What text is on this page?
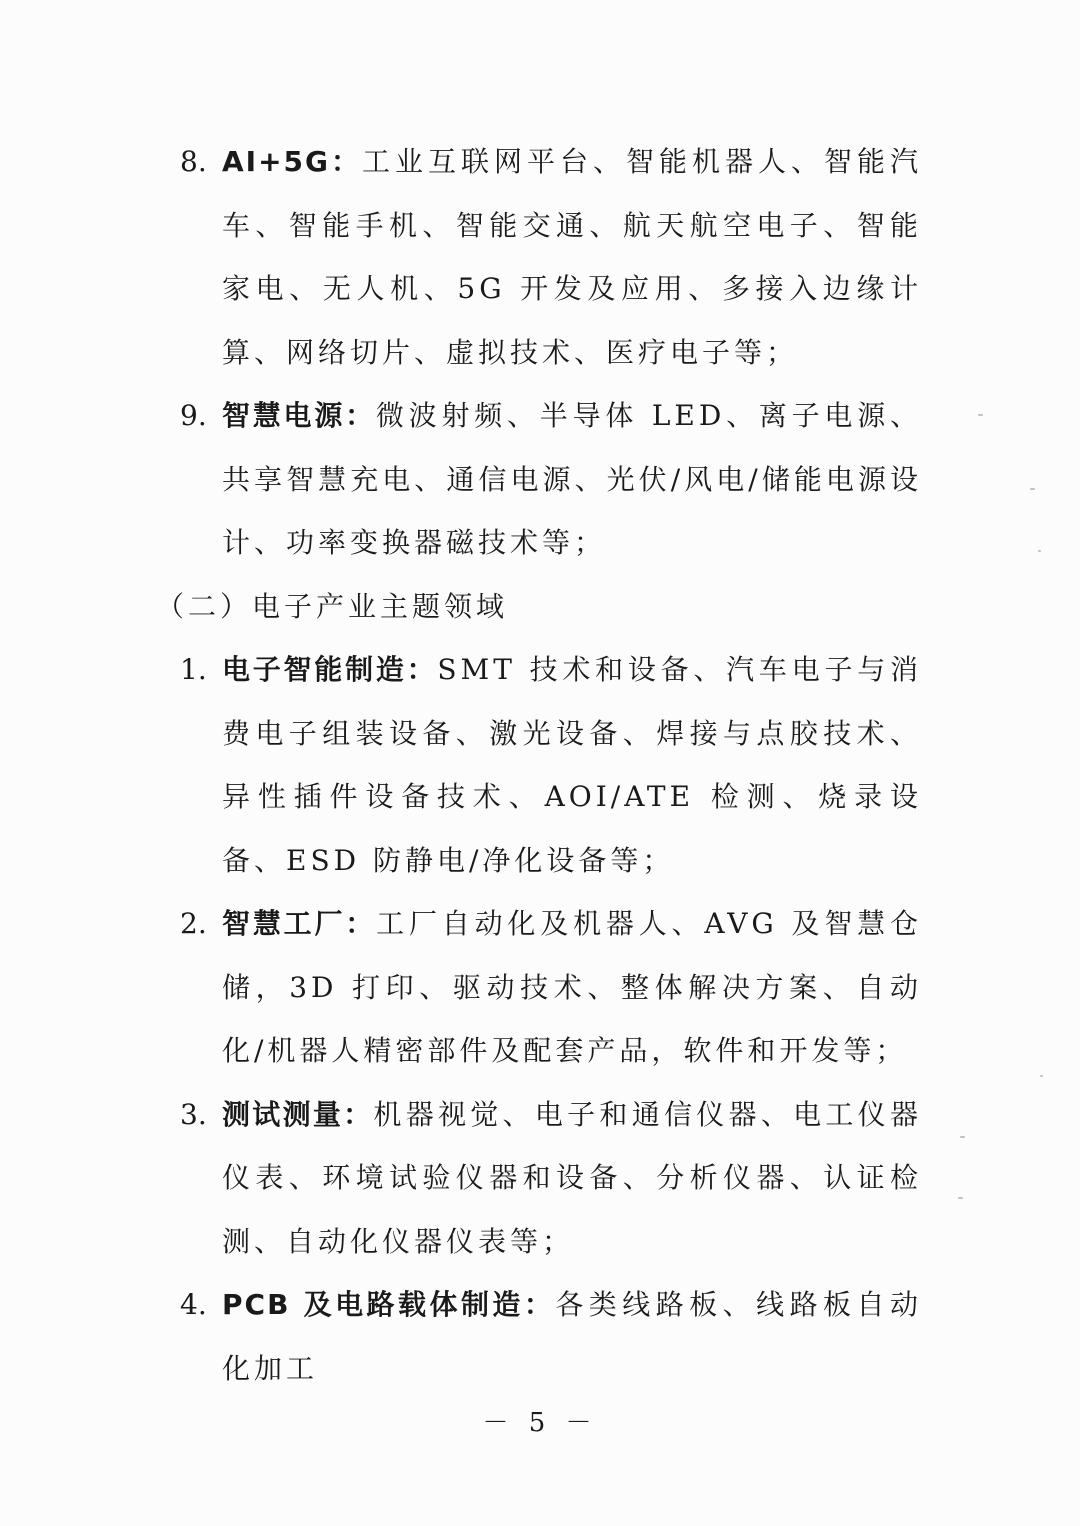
8. AI+5G：工业互联网平台、智能机器人、智能汽车、智能手机、智能交通、航天航空电子、智能家电、无人机、5G 开发及应用、多接入边缘计算、网络切片、虚拟技术、医疗电子等；
9. 智慧电源：微波射频、半导体 LED、离子电源、共享智慧充电、通信电源、光伏/风电/储能电源设计、功率变换器磁技术等；
（二）电子产业主题领域
1. 电子智能制造：SMT 技术和设备、汽车电子与消费电子组装设备、激光设备、焊接与点胶技术、异性插件设备技术、AOI/ATE 检测、烧录设备、ESD 防静电/净化设备等；
2. 智慧工厂：工厂自动化及机器人、AVG 及智慧仓储，3D 打印、驱动技术、整体解决方案、自动化/机器人精密部件及配套产品，软件和开发等；
3. 测试测量：机器视觉、电子和通信仪器、电工仪器仪表、环境试验仪器和设备、分析仪器、认证检测、自动化仪器仪表等；
4. PCB 及电路载体制造：各类线路板、线路板自动化加工
－ 5 －
